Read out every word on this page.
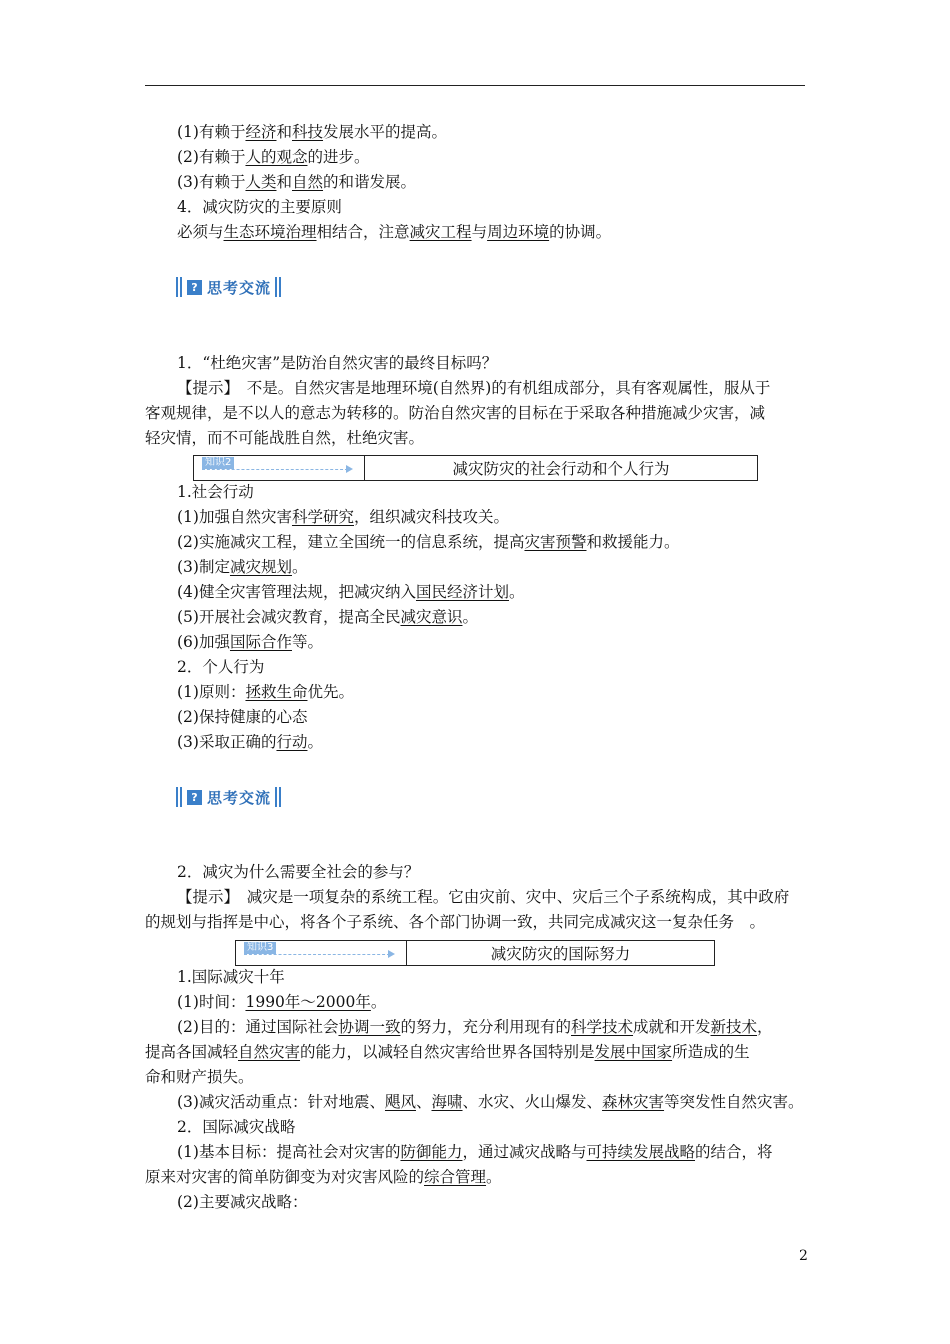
(1)有赖于经济和科技发展水平的提高。
(2)有赖于人的观念的进步。
(3)有赖于人类和自然的和谐发展。
4．减灾防灾的主要原则
必须与生态环境治理相结合，注意减灾工程与周边环境的协调。
? 思考交流
1．“杜绝灾害”是防治自然灾害的最终目标吗？
【提示】　不是。自然灾害是地理环境(自然界)的有机组成部分，具有客观属性，服从于
客观规律，是不以人的意志为转移的。防治自然灾害的目标在于采取各种措施减少灾害，减
轻灾情，而不可能战胜自然，杜绝灾害。
知识2	减灾防灾的社会行动和个人行为
1.社会行动
(1)加强自然灾害科学研究，组织减灾科技攻关。
(2)实施减灾工程，建立全国统一的信息系统，提高灾害预警和救援能力。
(3)制定减灾规划。
(4)健全灾害管理法规，把减灾纳入国民经济计划。
(5)开展社会减灾教育，提高全民减灾意识。
(6)加强国际合作等。
2．个人行为
(1)原则：拯救生命优先。
(2)保持健康的心态
(3)采取正确的行动。
? 思考交流
2．减灾为什么需要全社会的参与？
【提示】　减灾是一项复杂的系统工程。它由灾前、灾中、灾后三个子系统构成，其中政府
的规划与指挥是中心，将各个子系统、各个部门协调一致，共同完成减灾这一复杂任务　。
知识3	减灾防灾的国际努力
1.国际减灾十年
(1)时间：1990年～2000年。
(2)目的：通过国际社会协调一致的努力，充分利用现有的科学技术成就和开发新技术，
提高各国减轻自然灾害的能力，以减轻自然灾害给世界各国特别是发展中国家所造成的生
命和财产损失。
(3)减灾活动重点：针对地震、飓风、海啸、水灾、火山爆发、森林灾害等突发性自然灾害。
2．国际减灾战略
(1)基本目标：提高社会对灾害的防御能力，通过减灾战略与可持续发展战略的结合，将
原来对灾害的简单防御变为对灾害风险的综合管理。
(2)主要减灾战略：
2
